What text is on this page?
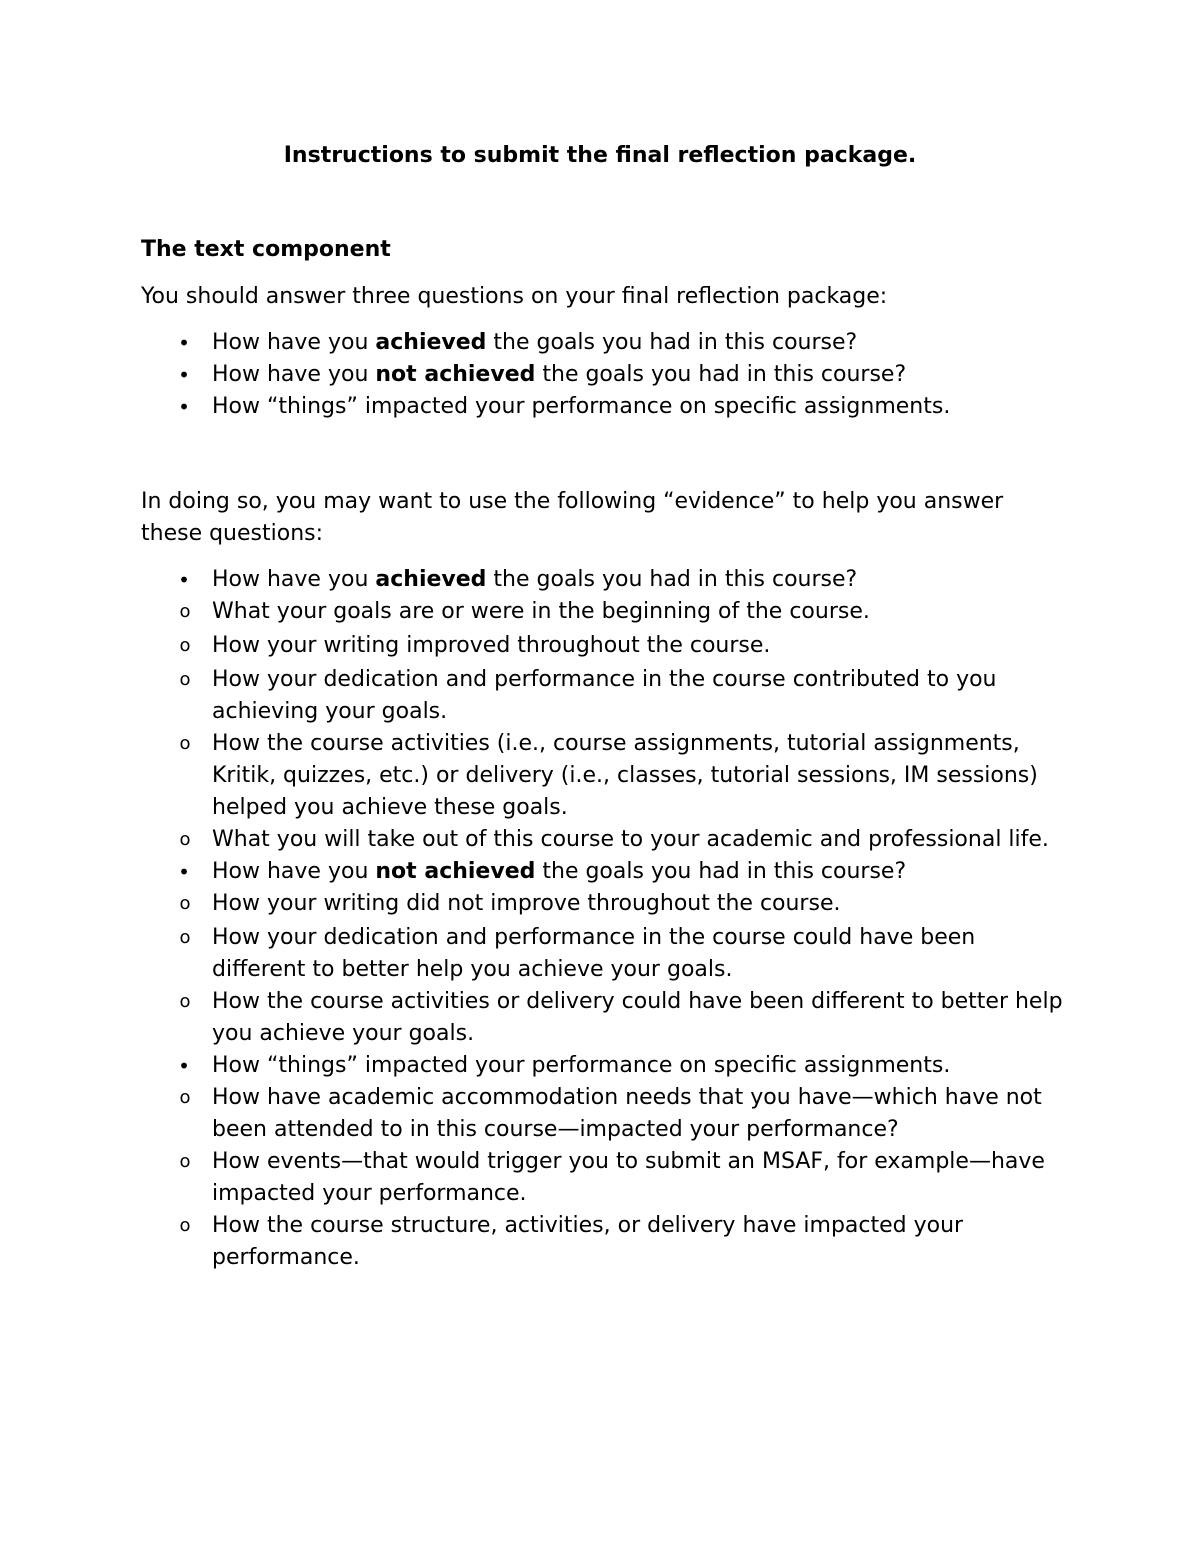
Instructions to submit the final reflection package.
The text component

You should answer three questions on your final reflection package:

• How have you achieved the goals you had in this course?
• How have you not achieved the goals you had in this course?
• How “things” impacted your performance on specific assignments.

In doing so, you may want to use the following “evidence” to help you answer these questions:

• How have you achieved the goals you had in this course?
o What your goals are or were in the beginning of the course.
o How your writing improved throughout the course.
o How your dedication and performance in the course contributed to you achieving your goals.
o How the course activities (i.e., course assignments, tutorial assignments, Kritik, quizzes, etc.) or delivery (i.e., classes, tutorial sessions, IM sessions) helped you achieve these goals.
o What you will take out of this course to your academic and professional life.
• How have you not achieved the goals you had in this course?
o How your writing did not improve throughout the course.
o How your dedication and performance in the course could have been different to better help you achieve your goals.
o How the course activities or delivery could have been different to better help you achieve your goals.
• How “things” impacted your performance on specific assignments.
o How have academic accommodation needs that you have—which have not been attended to in this course—impacted your performance?
o How events—that would trigger you to submit an MSAF, for example—have impacted your performance.
o How the course structure, activities, or delivery have impacted your performance.
